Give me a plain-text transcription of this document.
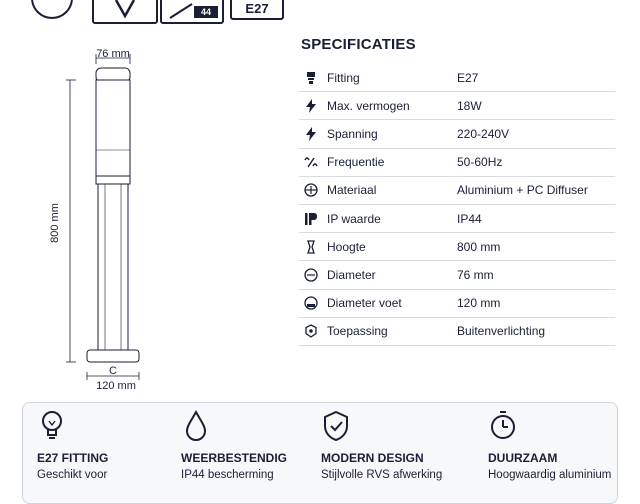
44	E27
76 mm
800 mm
C
120 mm
SPECIFICATIES
Fitting	E27
Max. vermogen	18W
Spanning	220-240V
Frequentie	50-60Hz
Materiaal	Aluminium + PC Diffuser
IP waarde	IP44
Hoogte	800 mm
Diameter	76 mm
Diameter voet	120 mm
Toepassing	Buitenverlichting
E27 FITTING
Geschikt voor
WEERBESTENDIG
IP44 bescherming
MODERN DESIGN
Stijlvolle RVS afwerking
DUURZAAM
Hoogwaardig aluminium
